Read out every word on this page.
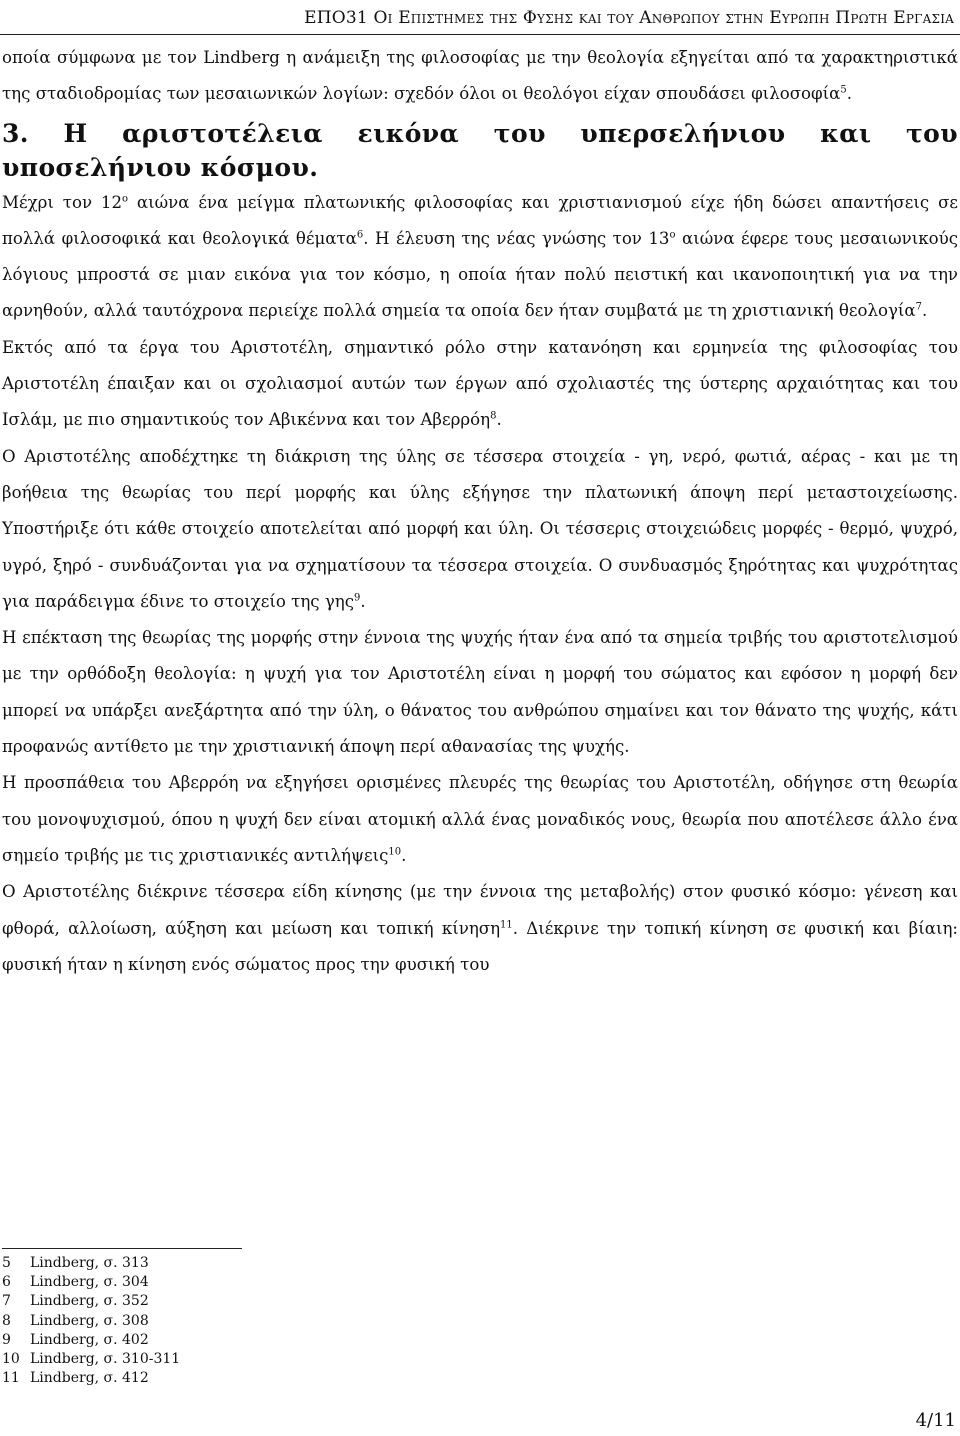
ΕΠΟ31 Οι Επιστημες της Φυσης και του Ανθρωπου στην Ευρωπη Πρωτη Εργασια

οποία σύμφωνα με τον Lindberg η ανάμειξη της φιλοσοφίας με την θεολογία εξηγείται από τα χαρακτηριστικά της σταδιοδρομίας των μεσαιωνικών λογίων: σχεδόν όλοι οι θεολόγοι είχαν σπουδάσει φιλοσοφία$^5$.

3. Η αριστοτέλεια εικόνα του υπερσελήνιου και του υποσελήνιου κόσμου.

Μέχρι τον $12^o$ αιώνα ένα μείγμα πλατωνικής φιλοσοφίας και χριστιανισμού είχε ήδη δώσει απαντήσεις σε πολλά φιλοσοφικά και θεολογικά θέματα$^6$. Η έλευση της νέας γνώσης τον $13^o$ αιώνα έφερε τους μεσαιωνικούς λόγιους μπροστά σε μιαν εικόνα για τον κόσμο, η οποία ήταν πολύ πειστική και ικανοποιητική για να την αρνηθούν, αλλά ταυτόχρονα περιείχε πολλά σημεία τα οποία δεν ήταν συμβατά με τη χριστιανική θεολογία$^7$.

Εκτός από τα έργα του Αριστοτέλη, σημαντικό ρόλο στην κατανόηση και ερμηνεία της φιλοσοφίας του Αριστοτέλη έπαιξαν και οι σχολιασμοί αυτών των έργων από σχολιαστές της ύστερης αρχαιότητας και του Ισλάμ, με πιο σημαντικούς τον Αβικέννα και τον Αβερρόη$^8$.

Ο Αριστοτέλης αποδέχτηκε τη διάκριση της ύλης σε τέσσερα στοιχεία - γη, νερό, φωτιά, αέρας - και με τη βοήθεια της θεωρίας του περί μορφής και ύλης εξήγησε την πλατωνική άποψη περί μεταστοιχείωσης. Υποστήριξε ότι κάθε στοιχείο αποτελείται από μορφή και ύλη. Οι τέσσερις στοιχειώδεις μορφές - θερμό, ψυχρό, υγρό, ξηρό - συνδυάζονται για να σχηματίσουν τα τέσσερα στοιχεία. Ο συνδυασμός ξηρότητας και ψυχρότητας για παράδειγμα έδινε το στοιχείο της γης$^9$.

Η επέκταση της θεωρίας της μορφής στην έννοια της ψυχής ήταν ένα από τα σημεία τριβής του αριστοτελισμού με την ορθόδοξη θεολογία: η ψυχή για τον Αριστοτέλη είναι η μορφή του σώματος και εφόσον η μορφή δεν μπορεί να υπάρξει ανεξάρτητα από την ύλη, ο θάνατος του ανθρώπου σημαίνει και τον θάνατο της ψυχής, κάτι προφανώς αντίθετο με την χριστιανική άποψη περί αθανασίας της ψυχής.

Η προσπάθεια του Αβερρόη να εξηγήσει ορισμένες πλευρές της θεωρίας του Αριστοτέλη, οδήγησε στη θεωρία του μονοψυχισμού, όπου η ψυχή δεν είναι ατομική αλλά ένας μοναδικός νους, θεωρία που αποτέλεσε άλλο ένα σημείο τριβής με τις χριστιανικές αντιλήψεις$^{10}$.

Ο Αριστοτέλης διέκρινε τέσσερα είδη κίνησης (με την έννοια της μεταβολής) στον φυσικό κόσμο: γένεση και φθορά, αλλοίωση, αύξηση και μείωση και τοπική κίνηση$^{11}$. Διέκρινε την τοπική κίνηση σε φυσική και βίαιη: φυσική ήταν η κίνηση ενός σώματος προς την φυσική του

5 Lindberg, σ. 313
6 Lindberg, σ. 304
7 Lindberg, σ. 352
8 Lindberg, σ. 308
9 Lindberg, σ. 402
10 Lindberg, σ. 310-311
11 Lindberg, σ. 412
4/11
